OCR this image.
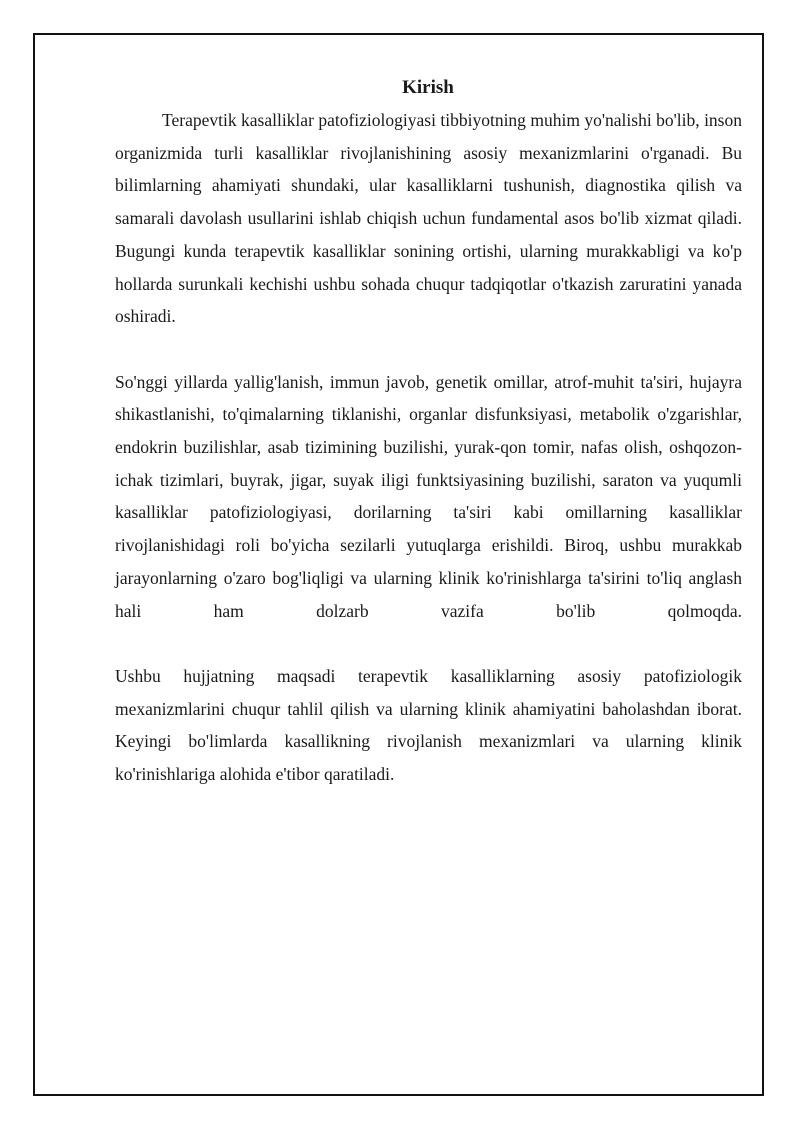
Kirish

Terapevtik kasalliklar patofiziologiyasi tibbiyotning muhim yo'nalishi bo'lib, inson organizmida turli kasalliklar rivojlanishining asosiy mexanizmlarini o'rganadi. Bu bilimlarning ahamiyati shundaki, ular kasalliklarni tushunish, diagnostika qilish va samarali davolash usullarini ishlab chiqish uchun fundamental asos bo'lib xizmat qiladi. Bugungi kunda terapevtik kasalliklar sonining ortishi, ularning murakkabligi va ko'p hollarda surunkali kechishi ushbu sohada chuqur tadqiqotlar o'tkazish zaruratini yanada oshiradi.

So'nggi yillarda yallig'lanish, immun javob, genetik omillar, atrof-muhit ta'siri, hujayra shikastlanishi, to'qimalarning tiklanishi, organlar disfunksiyasi, metabolik o'zgarishlar, endokrin buzilishlar, asab tizimining buzilishi, yurak-qon tomir, nafas olish, oshqozon-ichak tizimlari, buyrak, jigar, suyak iligi funktsiyasining buzilishi, saraton va yuqumli kasalliklar patofiziologiyasi, dorilarning ta'siri kabi omillarning kasalliklar rivojlanishidagi roli bo'yicha sezilarli yutuqlarga erishildi. Biroq, ushbu murakkab jarayonlarning o'zaro bog'liqligi va ularning klinik ko'rinishlarga ta'sirini to'liq anglash hali ham dolzarb vazifa bo'lib qolmoqda.

Ushbu hujjatning maqsadi terapevtik kasalliklarning asosiy patofiziologik mexanizmlarini chuqur tahlil qilish va ularning klinik ahamiyatini baholashdan iborat. Keyingi bo'limlarda kasallikning rivojlanish mexanizmlari va ularning klinik ko'rinishlariga alohida e'tibor qaratiladi.
